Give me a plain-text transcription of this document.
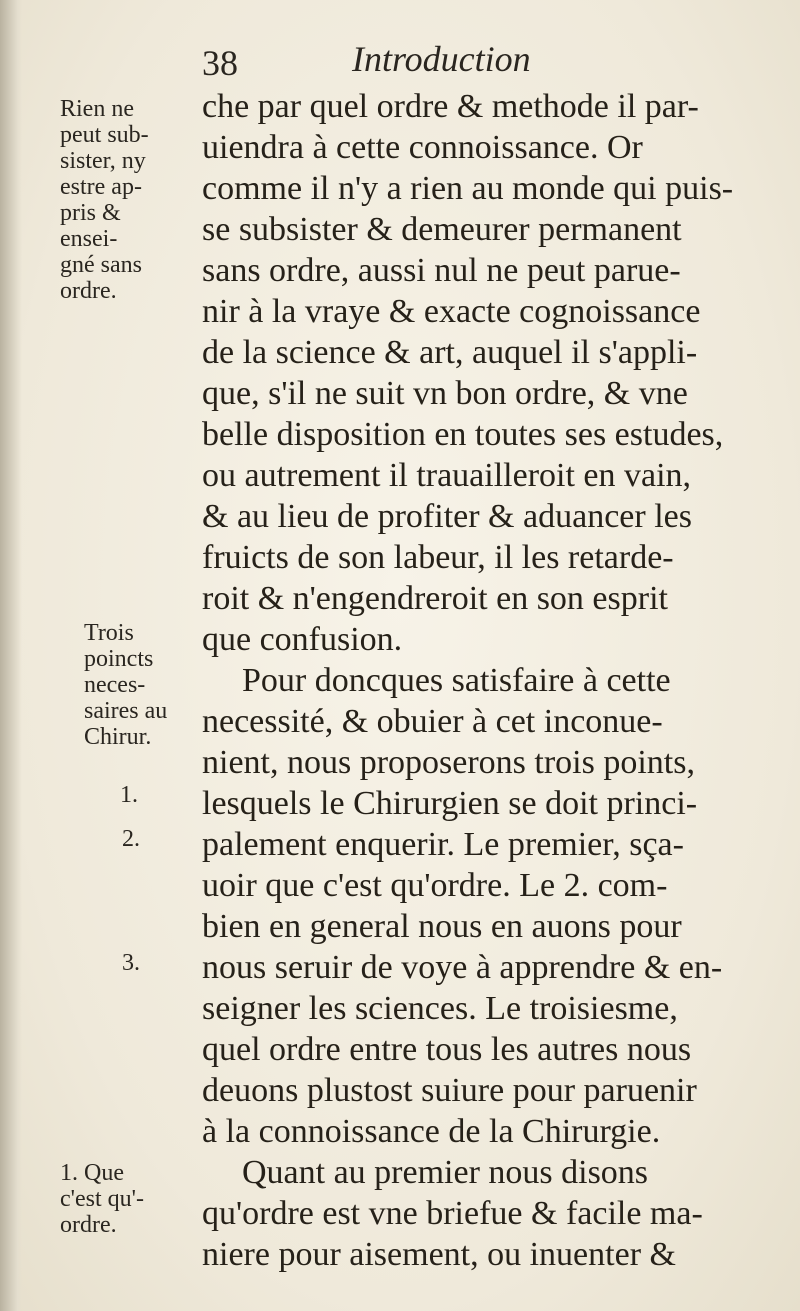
38	Introduction
che par quel ordre & methode il par-
uiendra à cette connoissance. Or
comme il n'y a rien au monde qui puis-
se subsister & demeurer permanent
sans ordre, aussi nul ne peut parue-
nir à la vraye & exacte cognoissance
de la science & art, auquel il s'appli-
que, s'il ne suit vn bon ordre, & vne
belle disposition en toutes ses estudes,
ou autrement il trauailleroit en vain,
& au lieu de profiter & aduancer les
fruicts de son labeur, il les retarde-
roit & n'engendreroit en son esprit
que confusion.
Pour doncques satisfaire à cette
necessité, & obuier à cet inconue-
nient, nous proposerons trois points,
lesquels le Chirurgien se doit princi-
palement enquerir. Le premier, sça-
uoir que c'est qu'ordre. Le 2. com-
bien en general nous en auons pour
nous seruir de voye à apprendre & en-
seigner les sciences. Le troisiesme,
quel ordre entre tous les autres nous
deuons plustost suiure pour paruenir
à la connoissance de la Chirurgie.
Quant au premier nous disons
qu'ordre est vne briefue & facile ma-
niere pour aisement, ou inuenter &
Rien ne
peut sub-
sister, ny
estre ap-
pris &
ensei-
gné sans
ordre.
Trois
poincts
neces-
saires au
Chirur.
1.
2.
3.
1. Que
c'est qu'-
ordre.
